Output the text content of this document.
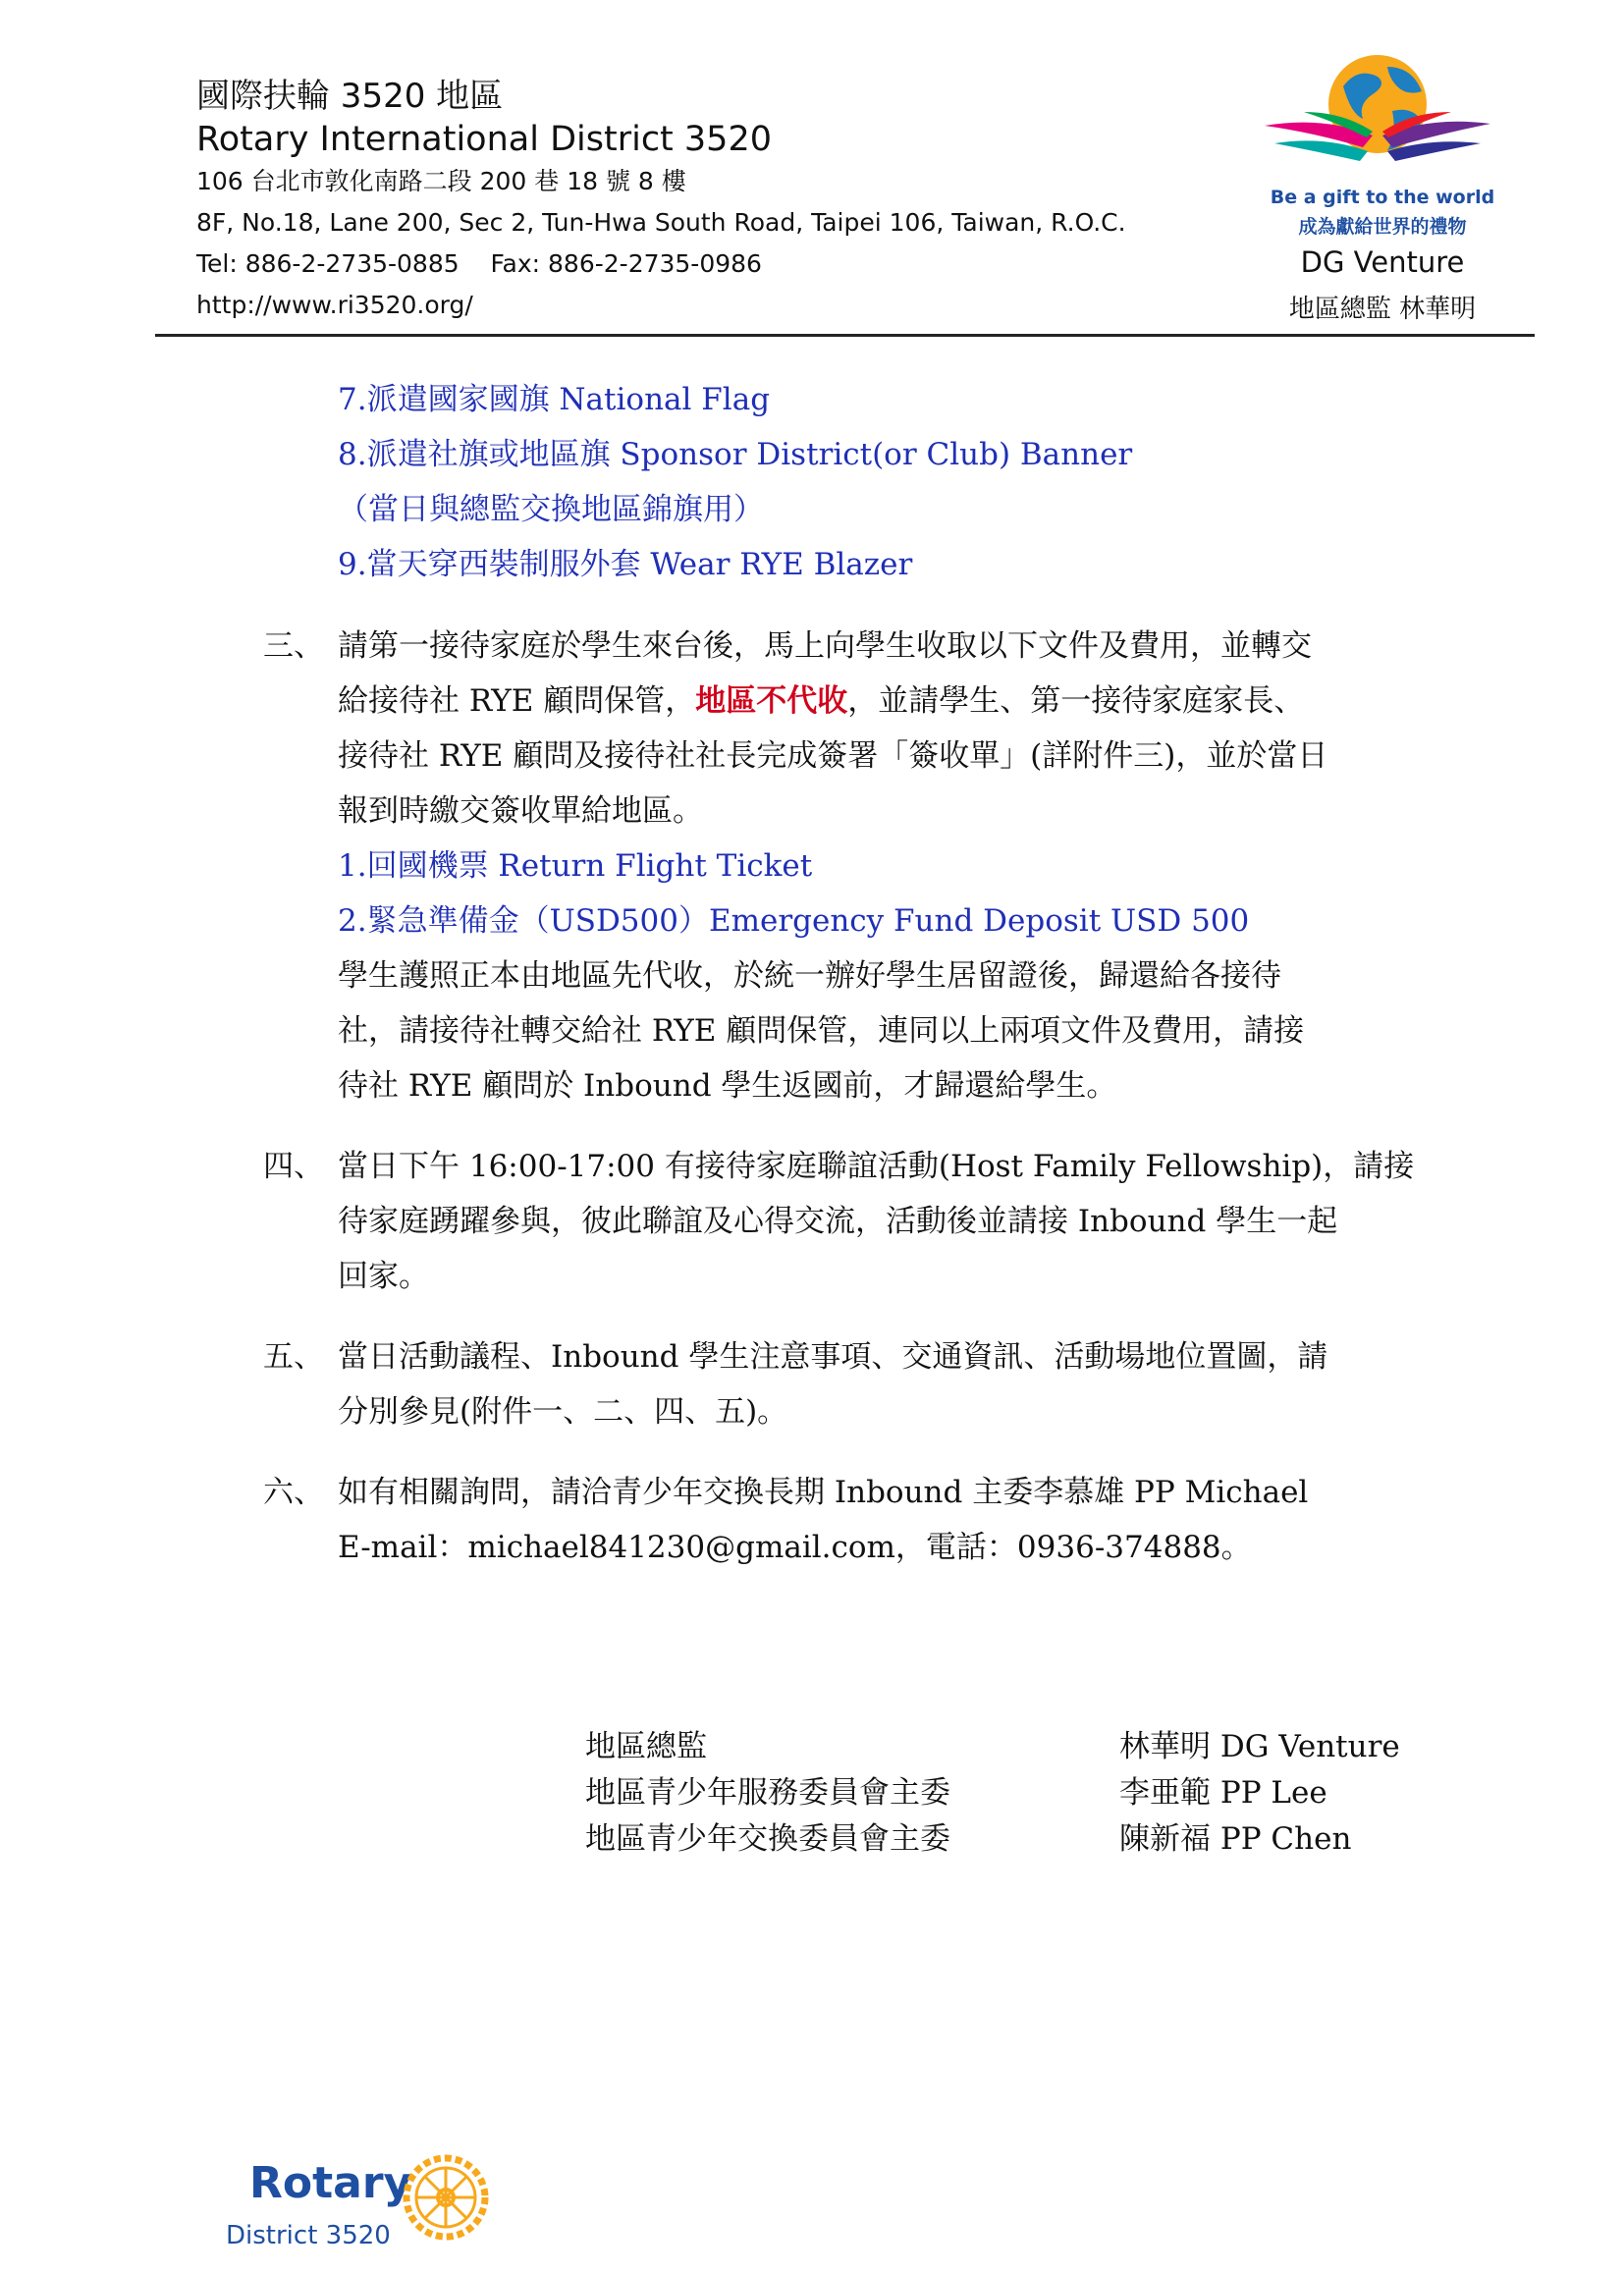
國際扶輪 3520 地區
Rotary International District 3520
106 台北市敦化南路二段 200 巷 18 號 8 樓
8F, No.18, Lane 200, Sec 2, Tun-Hwa South Road, Taipei 106, Taiwan, R.O.C.
Tel: 886-2-2735-0885 Fax: 886-2-2735-0986
http://www.ri3520.org/
Be a gift to the world
成為獻給世界的禮物
DG Venture
地區總監 林華明
7.派遣國家國旗 National Flag
8.派遣社旗或地區旗 Sponsor District(or Club) Banner
（當日與總監交換地區錦旗用）
9.當天穿西裝制服外套 Wear RYE Blazer
三、 請第一接待家庭於學生來台後，馬上向學生收取以下文件及費用，並轉交
給接待社 RYE 顧問保管，地區不代收，並請學生、第一接待家庭家長、
接待社 RYE 顧問及接待社社長完成簽署「簽收單」(詳附件三)，並於當日
報到時繳交簽收單給地區。
1.回國機票 Return Flight Ticket
2.緊急準備金（USD500）Emergency Fund Deposit USD 500
學生護照正本由地區先代收，於統一辦好學生居留證後，歸還給各接待
社，請接待社轉交給社 RYE 顧問保管，連同以上兩項文件及費用，請接
待社 RYE 顧問於 Inbound 學生返國前，才歸還給學生。
四、 當日下午 16:00-17:00 有接待家庭聯誼活動(Host Family Fellowship)，請接
待家庭踴躍參與，彼此聯誼及心得交流，活動後並請接 Inbound 學生一起
回家。
五、 當日活動議程、Inbound 學生注意事項、交通資訊、活動場地位置圖，請
分別參見(附件一、二、四、五)。
六、 如有相關詢問，請洽青少年交換長期 Inbound 主委李慕雄 PP Michael
E-mail：michael841230@gmail.com，電話：0936-374888。
地區總監	林華明 DG Venture
地區青少年服務委員會主委	李亜範 PP Lee
地區青少年交換委員會主委	陳新福 PP Chen
Rotary
District 3520
